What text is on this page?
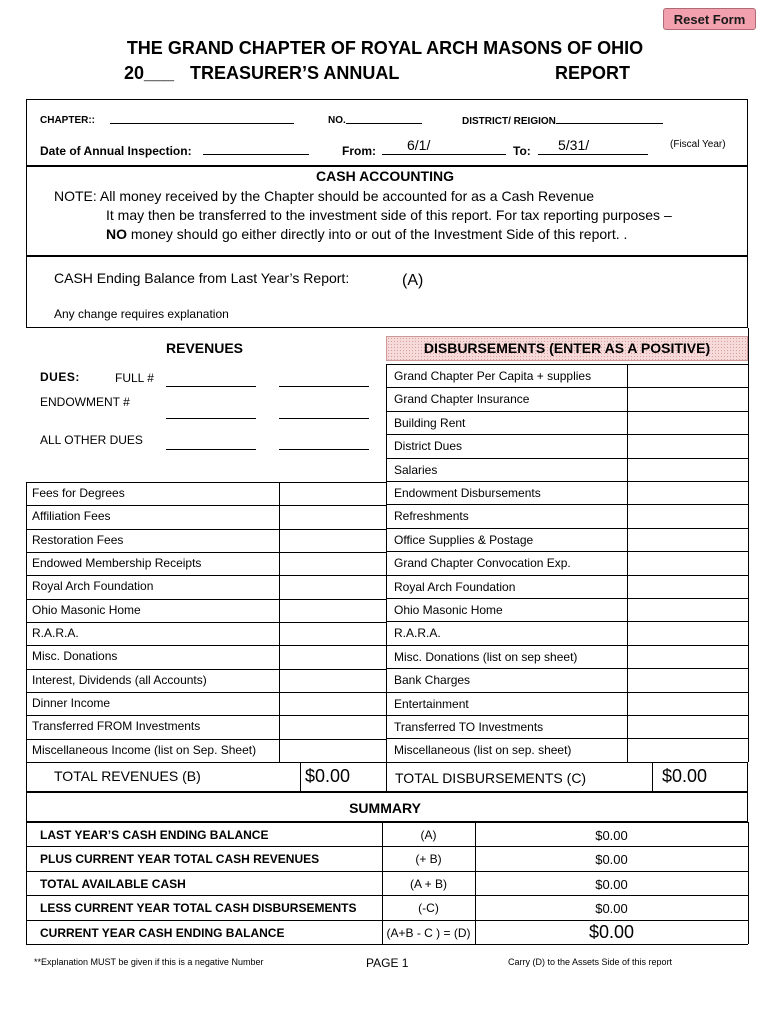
Reset Form
THE GRAND CHAPTER OF ROYAL ARCH MASONS OF OHIO
20___ TREASURER’S ANNUAL	REPORT
CHAPTER::	NO.	DISTRICT/ REIGION
Date of Annual Inspection:	From: 6/1/	To: 5/31/	(Fiscal Year)
CASH ACCOUNTING
NOTE: All money received by the Chapter should be accounted for as a Cash Revenue
It may then be transferred to the investment side of this report. For tax reporting purposes –
NO money should go either directly into or out of the Investment Side of this report. .
CASH Ending Balance from Last Year’s Report:	(A)
Any change requires explanation
REVENUES	DISBURSEMENTS (ENTER AS A POSITIVE)
DUES:	FULL #
ENDOWMENT #
ALL OTHER DUES
Fees for Degrees
Affiliation Fees
Restoration Fees
Endowed Membership Receipts
Royal Arch Foundation
Ohio Masonic Home
R.A.R.A.
Misc. Donations
Interest, Dividends (all Accounts)
Dinner Income
Transferred FROM Investments
Miscellaneous Income (list on Sep. Sheet)
Grand Chapter Per Capita + supplies
Grand Chapter Insurance
Building Rent
District Dues
Salaries
Endowment Disbursements
Refreshments
Office Supplies & Postage
Grand Chapter Convocation Exp.
Royal Arch Foundation
Ohio Masonic Home
R.A.R.A.
Misc. Donations (list on sep sheet)
Bank Charges
Entertainment
Transferred TO Investments
Miscellaneous (list on sep. sheet)
TOTAL REVENUES (B)	$0.00	TOTAL DISBURSEMENTS (C)	$0.00
SUMMARY
LAST YEAR’S CASH ENDING BALANCE	(A)	$0.00
PLUS CURRENT YEAR TOTAL CASH REVENUES	(+ B)	$0.00
TOTAL AVAILABLE CASH	(A + B)	$0.00
LESS CURRENT YEAR TOTAL CASH DISBURSEMENTS	(-C)	$0.00
CURRENT YEAR CASH ENDING BALANCE	(A+B - C ) = (D)	$0.00
**Explanation MUST be given if this is a negative Number	PAGE 1	Carry (D) to the Assets Side of this report
